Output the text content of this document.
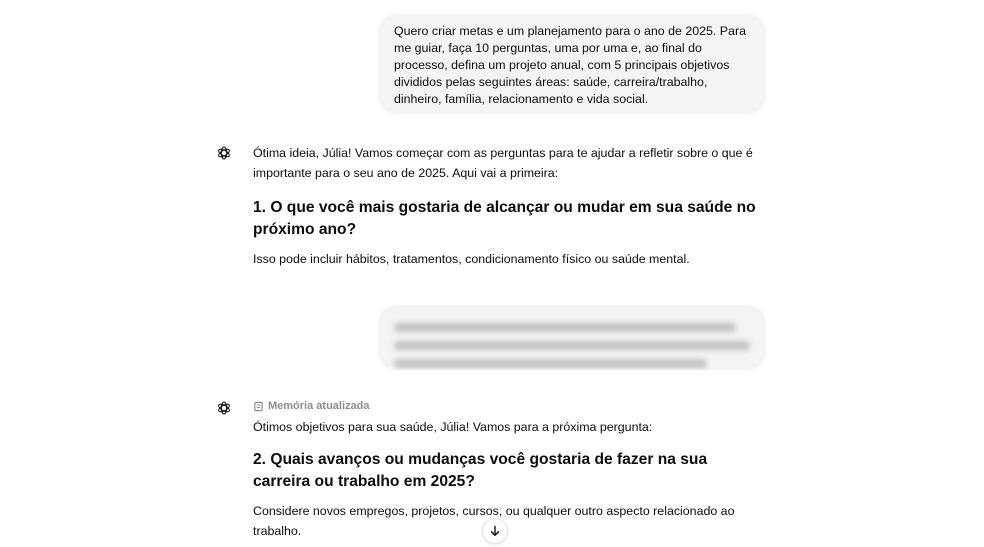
Quero criar metas e um planejamento para o ano de 2025. Para me guiar, faça 10 perguntas, uma por uma e, ao final do processo, defina um projeto anual, com 5 principais objetivos divididos pelas seguintes áreas: saúde, carreira/trabalho, dinheiro, família, relacionamento e vida social.

Ótima ideia, Júlia! Vamos começar com as perguntas para te ajudar a refletir sobre o que é importante para o seu ano de 2025. Aqui vai a primeira:

1. O que você mais gostaria de alcançar ou mudar em sua saúde no próximo ano?

Isso pode incluir hábitos, tratamentos, condicionamento físico ou saúde mental.

Memória atualizada

Ótimos objetivos para sua saúde, Júlia! Vamos para a próxima pergunta:

2. Quais avanços ou mudanças você gostaria de fazer na sua carreira ou trabalho em 2025?

Considere novos empregos, projetos, cursos, ou qualquer outro aspecto relacionado ao trabalho.
